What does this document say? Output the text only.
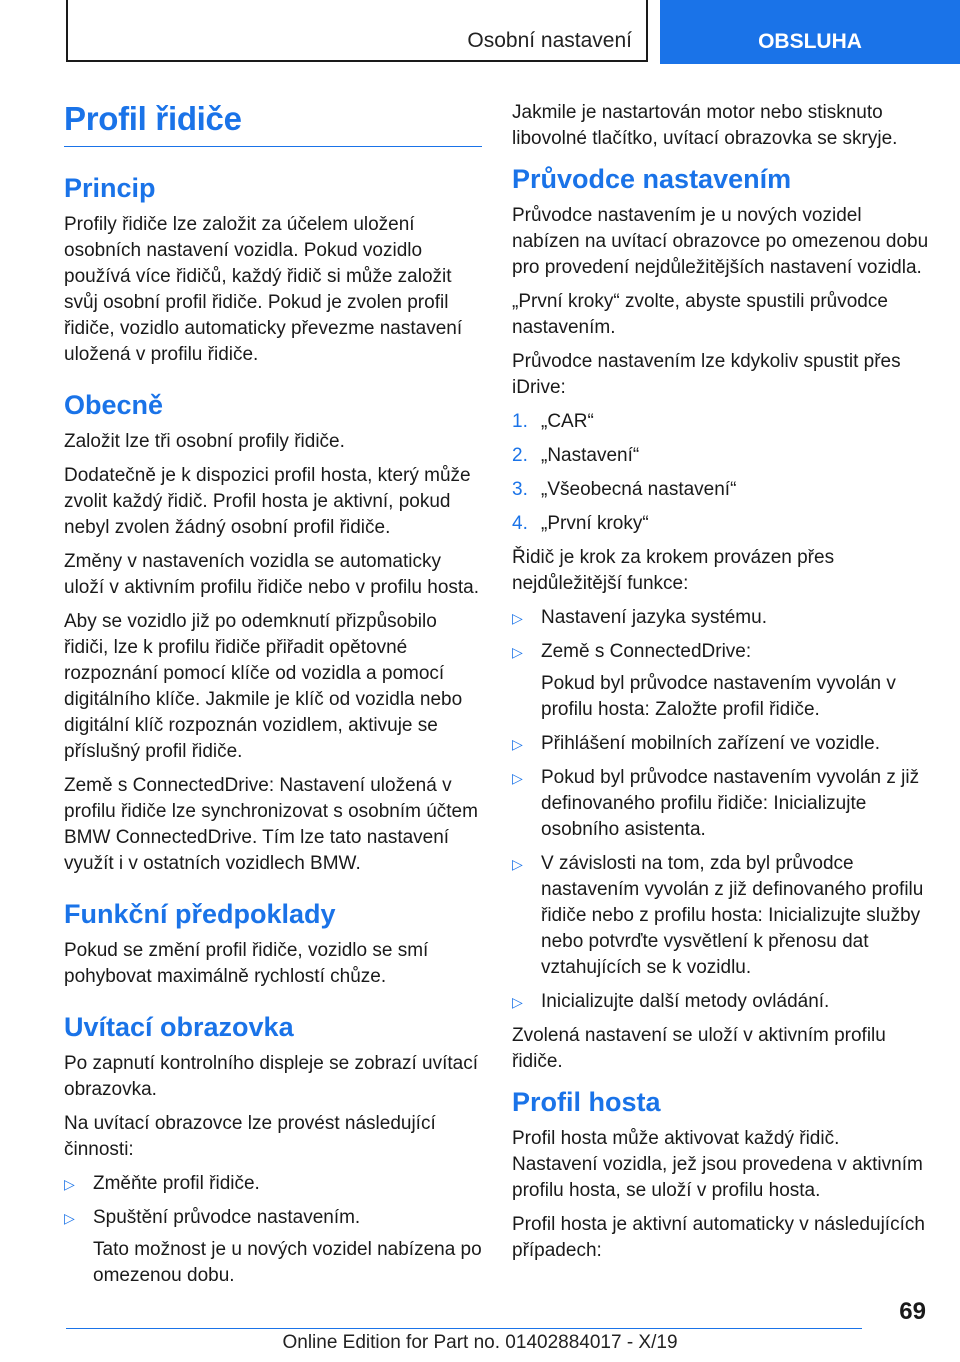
Osobní nastavení	OBSLUHA
Profil řidiče
Princip

Profily řidiče lze založit za účelem uložení osobních nastavení vozidla. Pokud vozidlo používá více řidičů, každý řidič si může založit svůj osobní profil řidiče. Pokud je zvolen profil řidiče, vozidlo automaticky převezme nastavení uložená v profilu řidiče.

Obecně

Založit lze tři osobní profily řidiče.

Dodatečně je k dispozici profil hosta, který může zvolit každý řidič. Profil hosta je aktivní, pokud nebyl zvolen žádný osobní profil řidiče.

Změny v nastaveních vozidla se automaticky uloží v aktivním profilu řidiče nebo v profilu hosta.

Aby se vozidlo již po odemknutí přizpůsobilo řidiči, lze k profilu řidiče přiřadit opětovné rozpoznání pomocí klíče od vozidla a pomocí digitálního klíče. Jakmile je klíč od vozidla nebo digitální klíč rozpoznán vozidlem, aktivuje se příslušný profil řidiče.

Země s ConnectedDrive: Nastavení uložená v profilu řidiče lze synchronizovat s osobním účtem BMW ConnectedDrive. Tím lze tato nastavení využít i v ostatních vozidlech BMW.

Funkční předpoklady

Pokud se změní profil řidiče, vozidlo se smí pohybovat maximálně rychlostí chůze.

Uvítací obrazovka

Po zapnutí kontrolního displeje se zobrazí uvítací obrazovka.

Na uvítací obrazovce lze provést následující činnosti:

▷ Změňte profil řidiče.
▷ Spuštění průvodce nastavením.

Tato možnost je u nových vozidel nabízena po omezenou dobu.

Jakmile je nastartován motor nebo stisknuto libovolné tlačítko, uvítací obrazovka se skryje.

Průvodce nastavením

Průvodce nastavením je u nových vozidel nabízen na uvítací obrazovce po omezenou dobu pro provedení nejdůležitějších nastavení vozidla.

„První kroky“ zvolte, abyste spustili průvodce nastavením.

Průvodce nastavením lze kdykoliv spustit přes iDrive:

1. „CAR“
2. „Nastavení“
3. „Všeobecná nastavení“
4. „První kroky“

Řidič je krok za krokem provázen přes nejdůležitější funkce:

▷ Nastavení jazyka systému.
▷ Země s ConnectedDrive:

Pokud byl průvodce nastavením vyvolán v profilu hosta: Založte profil řidiče.

▷ Přihlášení mobilních zařízení ve vozidle.
▷ Pokud byl průvodce nastavením vyvolán z již definovaného profilu řidiče: Inicializujte osobního asistenta.
▷ V závislosti na tom, zda byl průvodce nastavením vyvolán z již definovaného profilu řidiče nebo z profilu hosta: Inicializujte služby nebo potvrďte vysvětlení k přenosu dat vztahujících se k vozidlu.
▷ Inicializujte další metody ovládání.

Zvolená nastavení se uloží v aktivním profilu řidiče.

Profil hosta

Profil hosta může aktivovat každý řidič. Nastavení vozidla, jež jsou provedena v aktivním profilu hosta, se uloží v profilu hosta.

Profil hosta je aktivní automaticky v následujících případech:

69
Online Edition for Part no. 01402884017 - X/19
